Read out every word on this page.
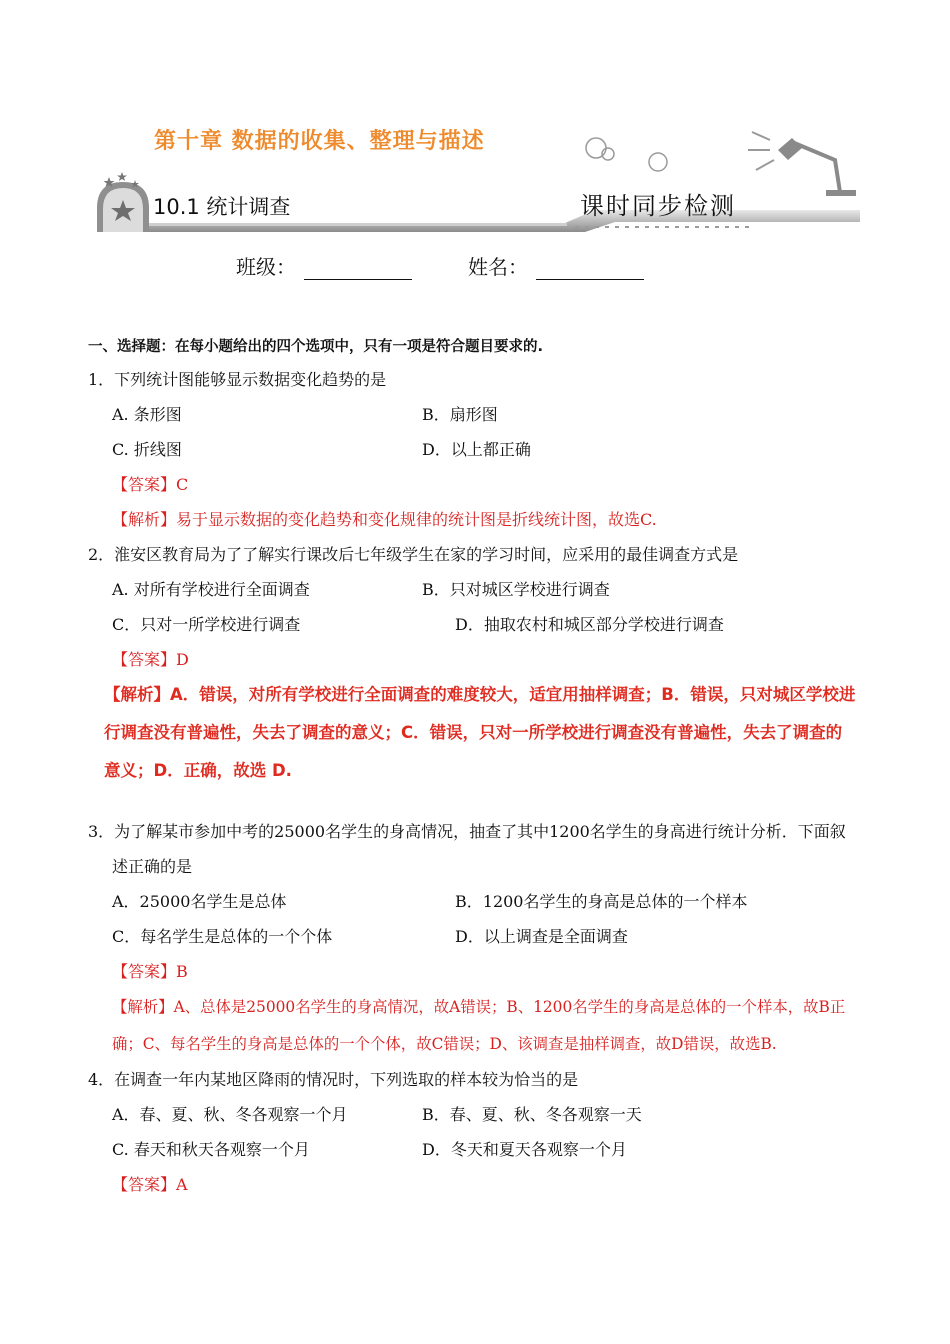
第十章 数据的收集、整理与描述
10.1 统计调查	课时同步检测
班级：	姓名：
一、选择题：在每小题给出的四个选项中，只有一项是符合题目要求的.
1．下列统计图能够显示数据变化趋势的是
A. 条形图	B．扇形图
C. 折线图	D．以上都正确
【答案】C
【解析】易于显示数据的变化趋势和变化规律的统计图是折线统计图，故选C.
2．淮安区教育局为了了解实行课改后七年级学生在家的学习时间，应采用的最佳调查方式是
A. 对所有学校进行全面调查	B．只对城区学校进行调查
C．只对一所学校进行调查	D．抽取农村和城区部分学校进行调查
【答案】D
【解析】A．错误，对所有学校进行全面调查的难度较大，适宜用抽样调查；B．错误，只对城区学校进
行调查没有普遍性，失去了调查的意义；C．错误，只对一所学校进行调查没有普遍性，失去了调查的
意义；D．正确，故选 D.
3．为了解某市参加中考的25000名学生的身高情况，抽查了其中1200名学生的身高进行统计分析．下面叙
述正确的是
A．25000名学生是总体	B．1200名学生的身高是总体的一个样本
C．每名学生是总体的一个个体	D．以上调查是全面调查
【答案】B
【解析】A、总体是25000名学生的身高情况，故A错误；B、1200名学生的身高是总体的一个样本，故B正
确；C、每名学生的身高是总体的一个个体，故C错误；D、该调查是抽样调查，故D错误，故选B.
4．在调查一年内某地区降雨的情况时，下列选取的样本较为恰当的是
A．春、夏、秋、冬各观察一个月	B．春、夏、秋、冬各观察一天
C. 春天和秋天各观察一个月	D．冬天和夏天各观察一个月
【答案】A
